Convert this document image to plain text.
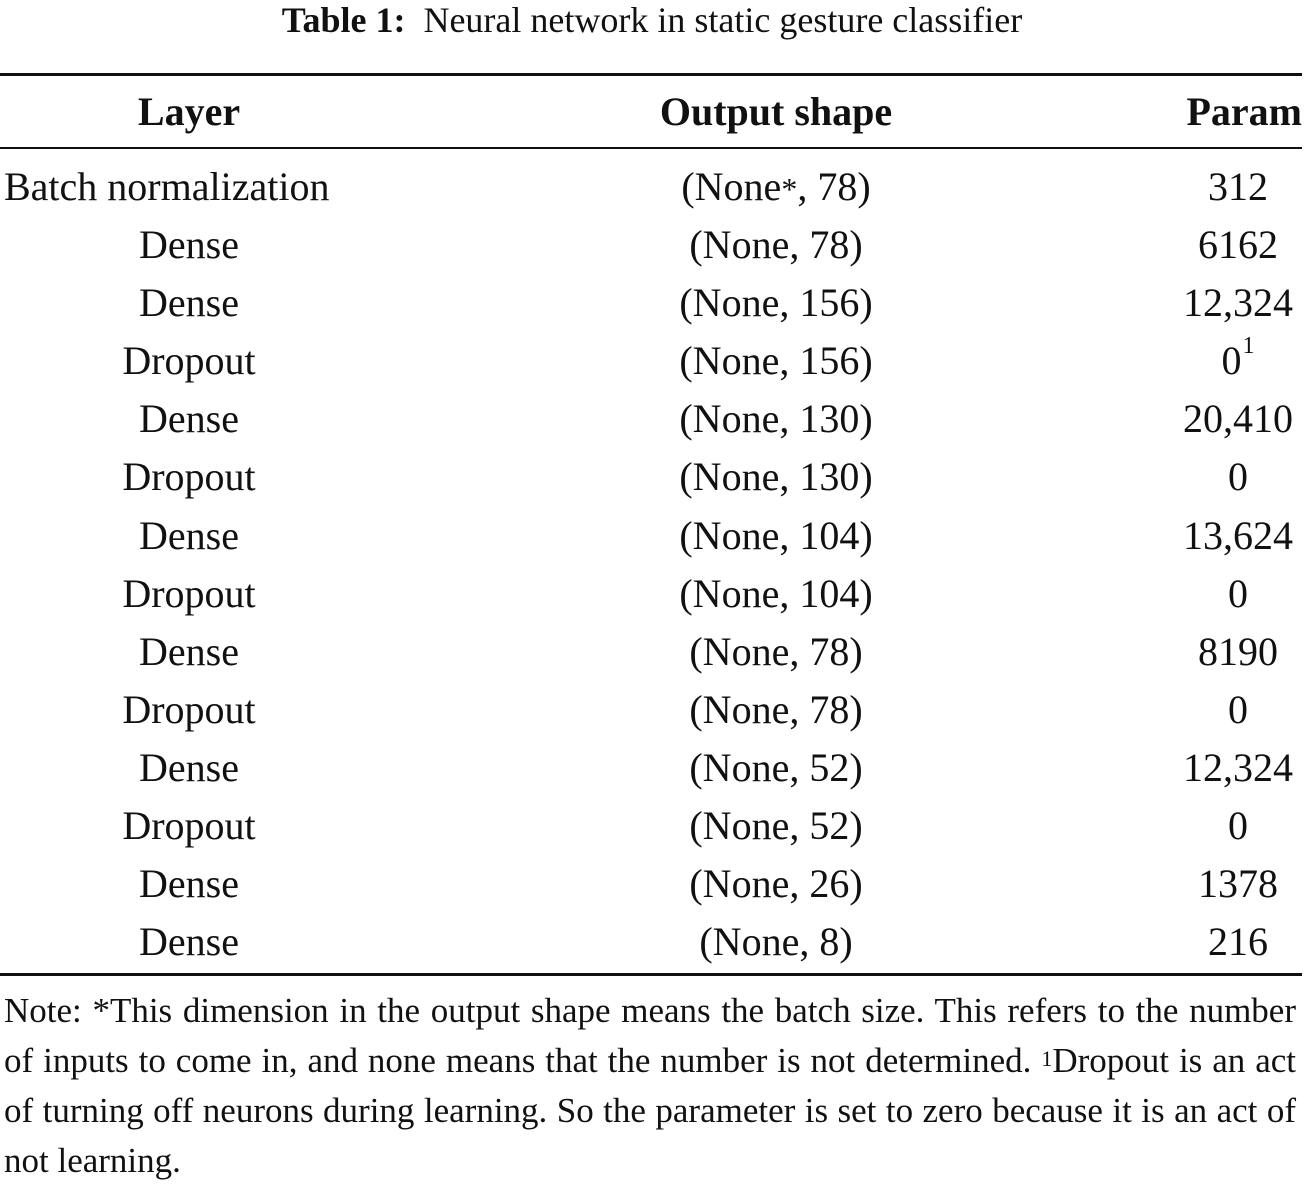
Table 1: Neural network in static gesture classifier
Layer	Output shape	Param
Batch normalization	(None*, 78)	312
Dense	(None, 78)	6162
Dense	(None, 156)	12,324
Dropout	(None, 156)	0$^1$
Dense	(None, 130)	20,410
Dropout	(None, 130)	0
Dense	(None, 104)	13,624
Dropout	(None, 104)	0
Dense	(None, 78)	8190
Dropout	(None, 78)	0
Dense	(None, 52)	12,324
Dropout	(None, 52)	0
Dense	(None, 26)	1378
Dense	(None, 8)	216
Note: *This dimension in the output shape means the batch size. This refers to the number of inputs to come in, and none means that the number is not determined. $^1$Dropout is an act of turning off neurons during learning. So the parameter is set to zero because it is an act of not learning.
